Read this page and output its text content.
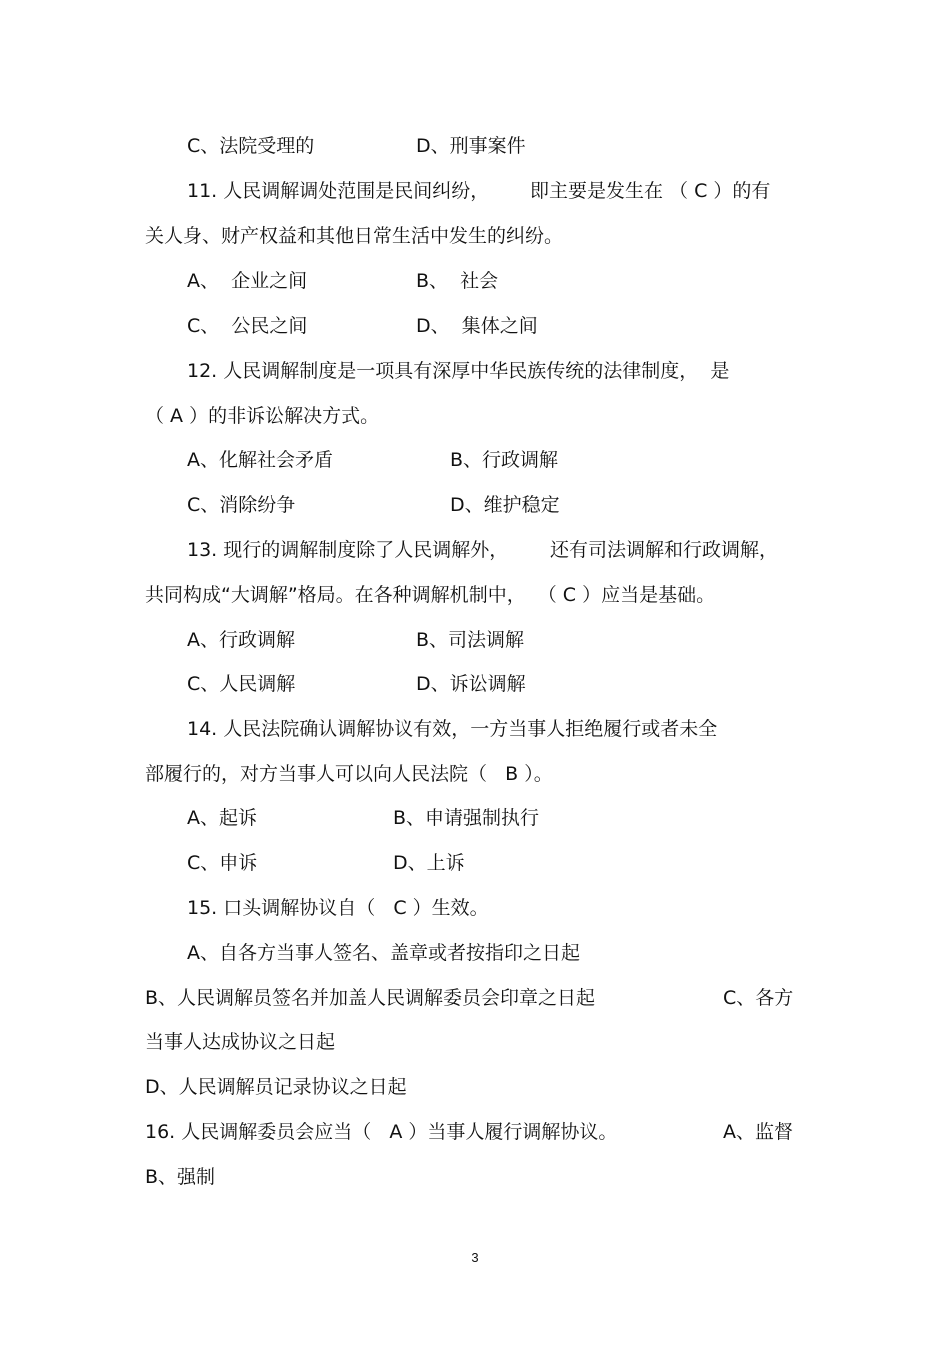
C、法院受理的	D、刑事案件
11. 人民调解调处范围是民间纠纷， 即主要是发生在 （ C ）的有
关人身、财产权益和其他日常生活中发生的纠纷。
A、  企业之间	B、  社会
C、  公民之间	D、  集体之间
12. 人民调解制度是一项具有深厚中华民族传统的法律制度，  是
（ A ）的非诉讼解决方式。
A、化解社会矛盾	B、行政调解
C、消除纷争	D、维护稳定
13. 现行的调解制度除了人民调解外， 还有司法调解和行政调解，
共同构成“大调解”格局。在各种调解机制中，  （ C ）应当是基础。
A、行政调解	B、司法调解
C、人民调解	D、诉讼调解
14. 人民法院确认调解协议有效，一方当事人拒绝履行或者未全
部履行的，对方当事人可以向人民法院（   B ）。
A、起诉	B、申请强制执行
C、申诉	D、上诉
15. 口头调解协议自（   C ）生效。
A、自各方当事人签名、盖章或者按指印之日起
B、人民调解员签名并加盖人民调解委员会印章之日起	C、各方
当事人达成协议之日起
D、人民调解员记录协议之日起
16. 人民调解委员会应当（   A ）当事人履行调解协议。	A、监督
B、强制
3
